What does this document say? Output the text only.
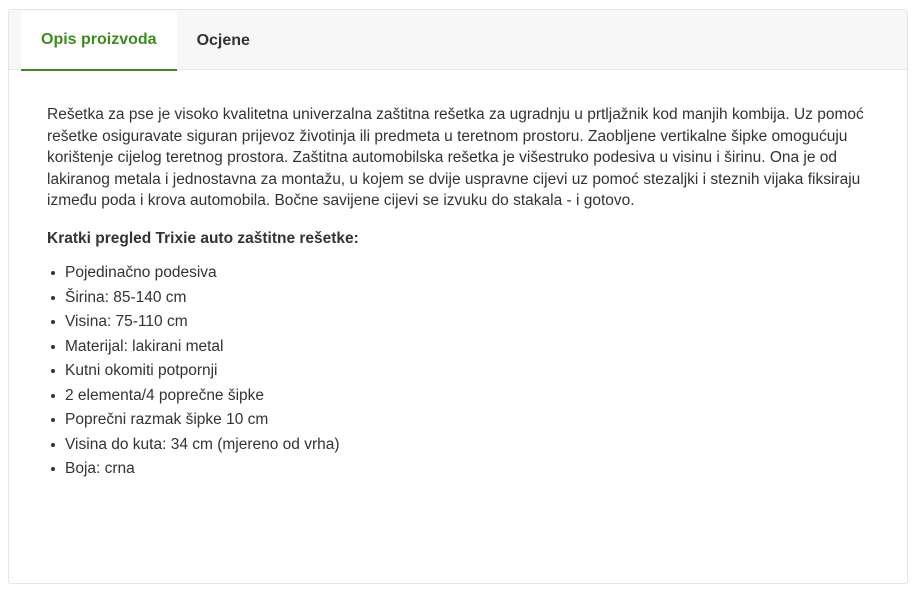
Opis proizvoda	Ocjene

Rešetka za pse je visoko kvalitetna univerzalna zaštitna rešetka za ugradnju u prtljažnik kod manjih kombija. Uz pomoć rešetke osiguravate siguran prijevoz životinja ili predmeta u teretnom prostoru. Zaobljene vertikalne šipke omogućuju korištenje cijelog teretnog prostora. Zaštitna automobilska rešetka je višestruko podesiva u visinu i širinu. Ona je od lakiranog metala i jednostavna za montažu, u kojem se dvije uspravne cijevi uz pomoć stezaljki i steznih vijaka fiksiraju između poda i krova automobila. Bočne savijene cijevi se izvuku do stakala - i gotovo.

Kratki pregled Trixie auto zaštitne rešetke:
Pojedinačno podesiva
Širina: 85-140 cm
Visina: 75-110 cm
Materijal: lakirani metal
Kutni okomiti potpornji
2 elementa/4 poprečne šipke
Poprečni razmak šipke 10 cm
Visina do kuta: 34 cm (mjereno od vrha)
Boja: crna
